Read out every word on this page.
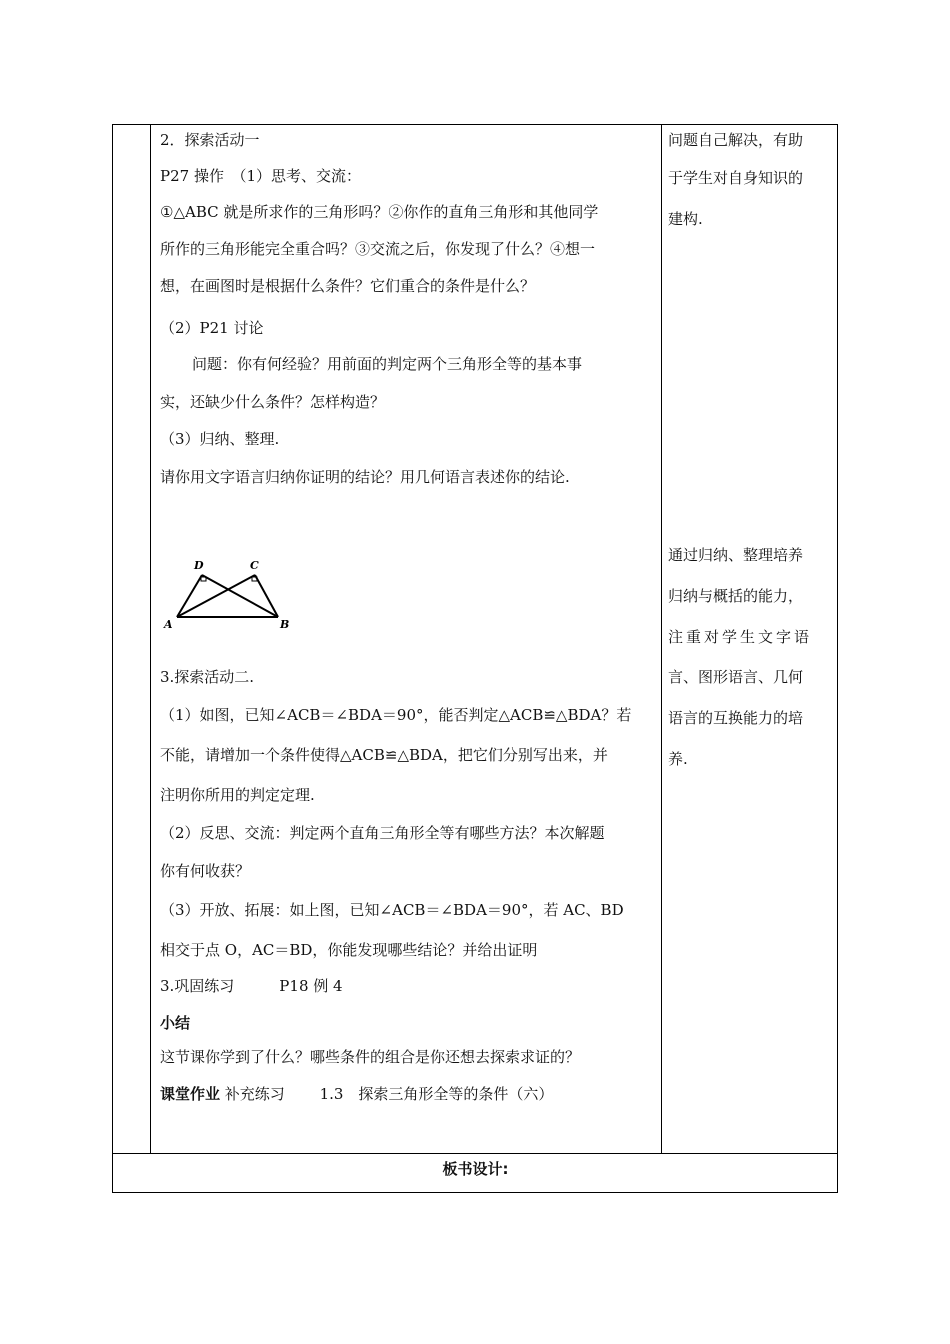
2．探索活动一
P27 操作　（1）思考、交流：
①△ABC 就是所求作的三角形吗？②你作的直角三角形和其他同学
所作的三角形能完全重合吗？③交流之后，你发现了什么？④想一
想，在画图时是根据什么条件？它们重合的条件是什么？
（2）P21 讨论
问题：你有何经验？用前面的判定两个三角形全等的基本事
实，还缺少什么条件？怎样构造？
（3）归纳、整理.
请你用文字语言归纳你证明的结论？用几何语言表述你的结论.
3.探索活动二.
（1）如图，已知∠ACB＝∠BDA＝90°，能否判定△ACB≌△BDA？若
不能，请增加一个条件使得△ACB≌△BDA，把它们分别写出来，并
注明你所用的判定定理.
（2）反思、交流：判定两个直角三角形全等有哪些方法？本次解题
你有何收获？
（3）开放、拓展：如上图，已知∠ACB＝∠BDA＝90°，若 AC、BD
相交于点 O，AC＝BD，你能发现哪些结论？并给出证明
3.巩固练习　　　P18 例 4
小结
这节课你学到了什么？哪些条件的组合是你还想去探索求证的？
课堂作业 补充练习　　 1.3　探索三角形全等的条件（六）
D	C
A	B
问题自己解决，有助
于学生对自身知识的
建构.
通过归纳、整理培养
归纳与概括的能力，
注重对学生文字语
言、图形语言、几何
语言的互换能力的培
养.
板书设计:
